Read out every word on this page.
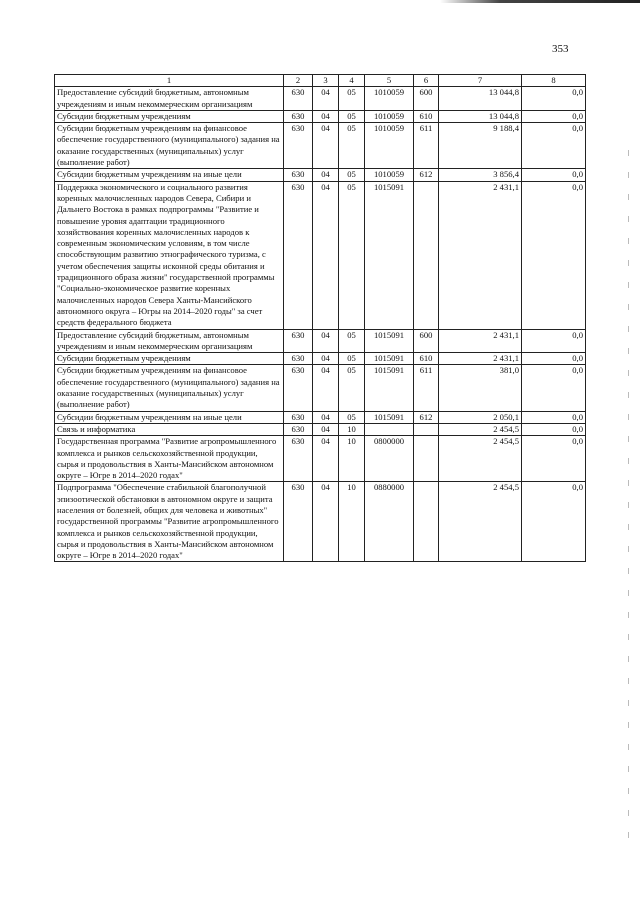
353
1	2	3	4	5	6	7	8
Предоставление субсидий бюджетным, автономным учреждениям и иным некоммерческим организациям	630	04	05	1010059	600	13 044,8	0,0
Субсидии бюджетным учреждениям	630	04	05	1010059	610	13 044,8	0,0
Субсидии бюджетным учреждениям на финансовое обеспечение государственного (муниципального) задания на оказание государственных (муниципальных) услуг (выполнение работ)	630	04	05	1010059	611	9 188,4	0,0
Субсидии бюджетным учреждениям на иные цели	630	04	05	1010059	612	3 856,4	0,0
Поддержка экономического и социального развития коренных малочисленных народов Севера, Сибири и Дальнего Востока в рамках подпрограммы "Развитие и повышение уровня адаптации традиционного хозяйствования коренных малочисленных народов к современным экономическим условиям, в том числе способствующим развитию этнографического туризма, с учетом обеспечения защиты исконной среды обитания и традиционного образа жизни" государственной программы "Социально-экономическое развитие коренных малочисленных народов Севера Ханты-Мансийского автономного округа – Югры на 2014–2020 годы" за счет средств федерального бюджета	630	04	05	1015091		2 431,1	0,0
Предоставление субсидий бюджетным, автономным учреждениям и иным некоммерческим организациям	630	04	05	1015091	600	2 431,1	0,0
Субсидии бюджетным учреждениям	630	04	05	1015091	610	2 431,1	0,0
Субсидии бюджетным учреждениям на финансовое обеспечение государственного (муниципального) задания на оказание государственных (муниципальных) услуг (выполнение работ)	630	04	05	1015091	611	381,0	0,0
Субсидии бюджетным учреждениям на иные цели	630	04	05	1015091	612	2 050,1	0,0
Связь и информатика	630	04	10			2 454,5	0,0
Государственная программа "Развитие агропромышленного комплекса и рынков сельскохозяйственной продукции, сырья и продовольствия в Ханты-Мансийском автономном округе – Югре в 2014–2020 годах"	630	04	10	0800000		2 454,5	0,0
Подпрограмма "Обеспечение стабильной благополучной эпизоотической обстановки в автономном округе и защита населения от болезней, общих для человека и животных" государственной программы "Развитие агропромышленного комплекса и рынков сельскохозяйственной продукции, сырья и продовольствия в Ханты-Мансийском автономном округе – Югре в 2014–2020 годах"	630	04	10	0880000		2 454,5	0,0
